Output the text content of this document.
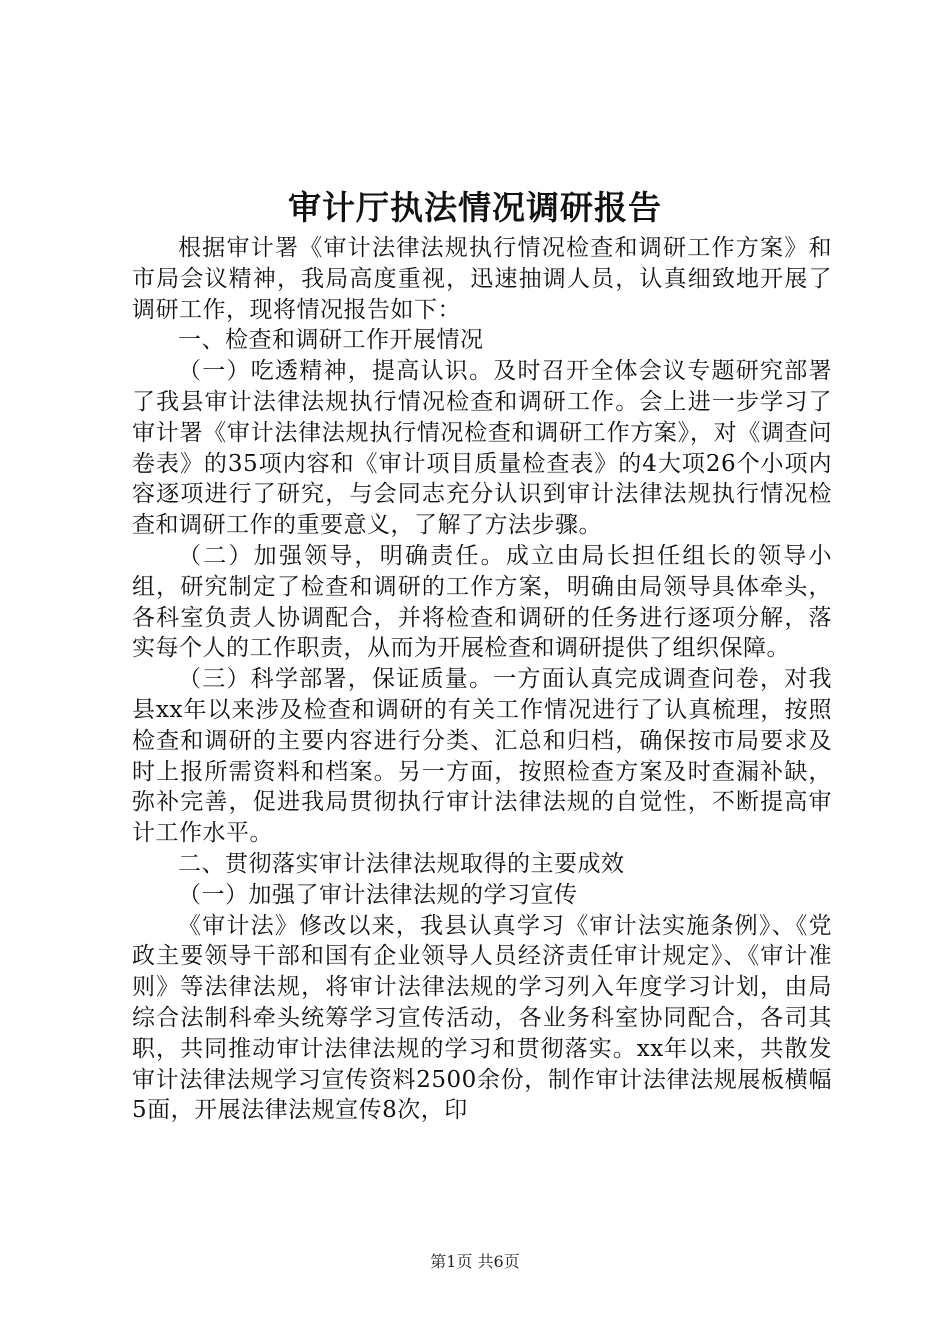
审计厅执法情况调研报告

根据审计署《审计法律法规执行情况检查和调研工作方案》和市局会议精神，我局高度重视，迅速抽调人员，认真细致地开展了调研工作，现将情况报告如下：

一、检查和调研工作开展情况

（一）吃透精神，提高认识。及时召开全体会议专题研究部署了我县审计法律法规执行情况检查和调研工作。会上进一步学习了审计署《审计法律法规执行情况检查和调研工作方案》，对《调查问卷表》的35项内容和《审计项目质量检查表》的4大项26个小项内容逐项进行了研究，与会同志充分认识到审计法律法规执行情况检查和调研工作的重要意义，了解了方法步骤。

（二）加强领导，明确责任。成立由局长担任组长的领导小组，研究制定了检查和调研的工作方案，明确由局领导具体牵头，各科室负责人协调配合，并将检查和调研的任务进行逐项分解，落实每个人的工作职责，从而为开展检查和调研提供了组织保障。

（三）科学部署，保证质量。一方面认真完成调查问卷，对我县xx年以来涉及检查和调研的有关工作情况进行了认真梳理，按照检查和调研的主要内容进行分类、汇总和归档，确保按市局要求及时上报所需资料和档案。另一方面，按照检查方案及时查漏补缺，弥补完善，促进我局贯彻执行审计法律法规的自觉性，不断提高审计工作水平。

二、贯彻落实审计法律法规取得的主要成效

（一）加强了审计法律法规的学习宣传

《审计法》修改以来，我县认真学习《审计法实施条例》、《党政主要领导干部和国有企业领导人员经济责任审计规定》、《审计准则》等法律法规，将审计法律法规的学习列入年度学习计划，由局综合法制科牵头统筹学习宣传活动，各业务科室协同配合，各司其职，共同推动审计法律法规的学习和贯彻落实。xx年以来，共散发审计法律法规学习宣传资料2500余份，制作审计法律法规展板横幅5面，开展法律法规宣传8次，印

第1页 共6页
